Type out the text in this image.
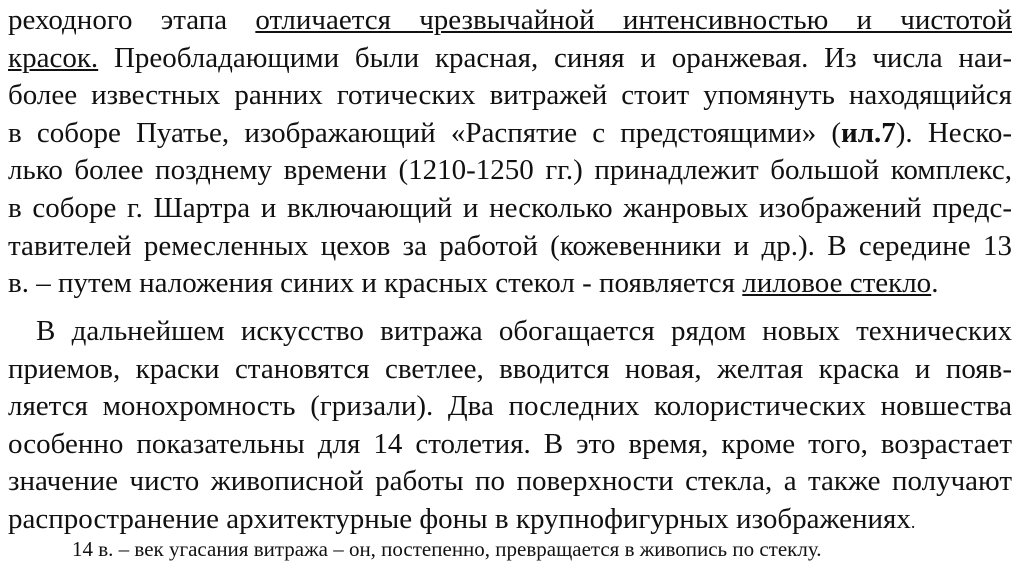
реходного этапа отличается чрезвычайной интенсивностью и чистотой
красок. Преобладающими были красная, синяя и оранжевая. Из числа наи-
более известных ранних готических витражей стоит упомянуть находящийся
в соборе Пуатье, изображающий «Распятие с предстоящими» (ил.7). Неско-
лько более позднему времени (1210-1250 гг.) принадлежит большой комплекс,
в соборе г. Шартра и включающий и несколько жанровых изображений предс-
тавителей ремесленных цехов за работой (кожевенники и др.). В середине 13
в. – путем наложения синих и красных стекол - появляется лиловое стекло.
В дальнейшем искусство витража обогащается рядом новых технических
приемов, краски становятся светлее, вводится новая, желтая краска и появ-
ляется монохромность (гризали). Два последних колористических новшества
особенно показательны для 14 столетия. В это время, кроме того, возрастает
значение чисто живописной работы по поверхности стекла, а также получают
распространение архитектурные фоны в крупнофигурных изображениях.

14 в. – век угасания витража – он, постепенно, превращается в живопись по стеклу.
